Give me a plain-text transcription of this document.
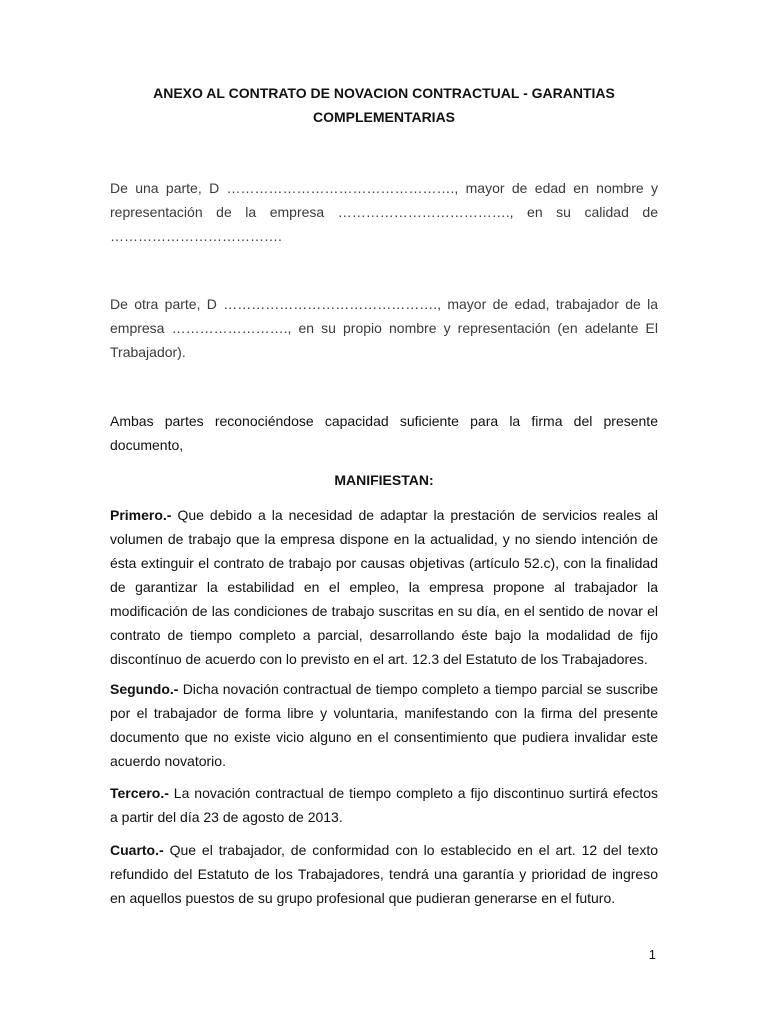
ANEXO AL CONTRATO DE NOVACION CONTRACTUAL - GARANTIAS
COMPLEMENTARIAS
De una parte, D …………………………………………., mayor de edad en nombre y representación de la empresa ………………………………., en su calidad de ……………………………….
De otra parte, D ………………………………………., mayor de edad, trabajador de la empresa ……………………., en su propio nombre y representación (en adelante El Trabajador).
Ambas partes reconociéndose capacidad suficiente para la firma del presente documento,
MANIFIESTAN:
Primero.- Que debido a la necesidad de adaptar la prestación de servicios reales al volumen de trabajo que la empresa dispone en la actualidad, y no siendo intención de ésta extinguir el contrato de trabajo por causas objetivas (artículo 52.c), con la finalidad de garantizar la estabilidad en el empleo, la empresa propone al trabajador la modificación de las condiciones de trabajo suscritas en su día, en el sentido de novar el contrato de tiempo completo a parcial, desarrollando éste bajo la modalidad de fijo discontínuo de acuerdo con lo previsto en el art. 12.3 del Estatuto de los Trabajadores.
Segundo.- Dicha novación contractual de tiempo completo a tiempo parcial se suscribe por el trabajador de forma libre y voluntaria, manifestando con la firma del presente documento que no existe vicio alguno en el consentimiento que pudiera invalidar este acuerdo novatorio.
Tercero.- La novación contractual de tiempo completo a fijo discontinuo surtirá efectos a partir del día 23 de agosto de 2013.
Cuarto.- Que el trabajador, de conformidad con lo establecido en el art. 12 del texto refundido del Estatuto de los Trabajadores, tendrá una garantía y prioridad de ingreso en aquellos puestos de su grupo profesional que pudieran generarse en el futuro.
1
